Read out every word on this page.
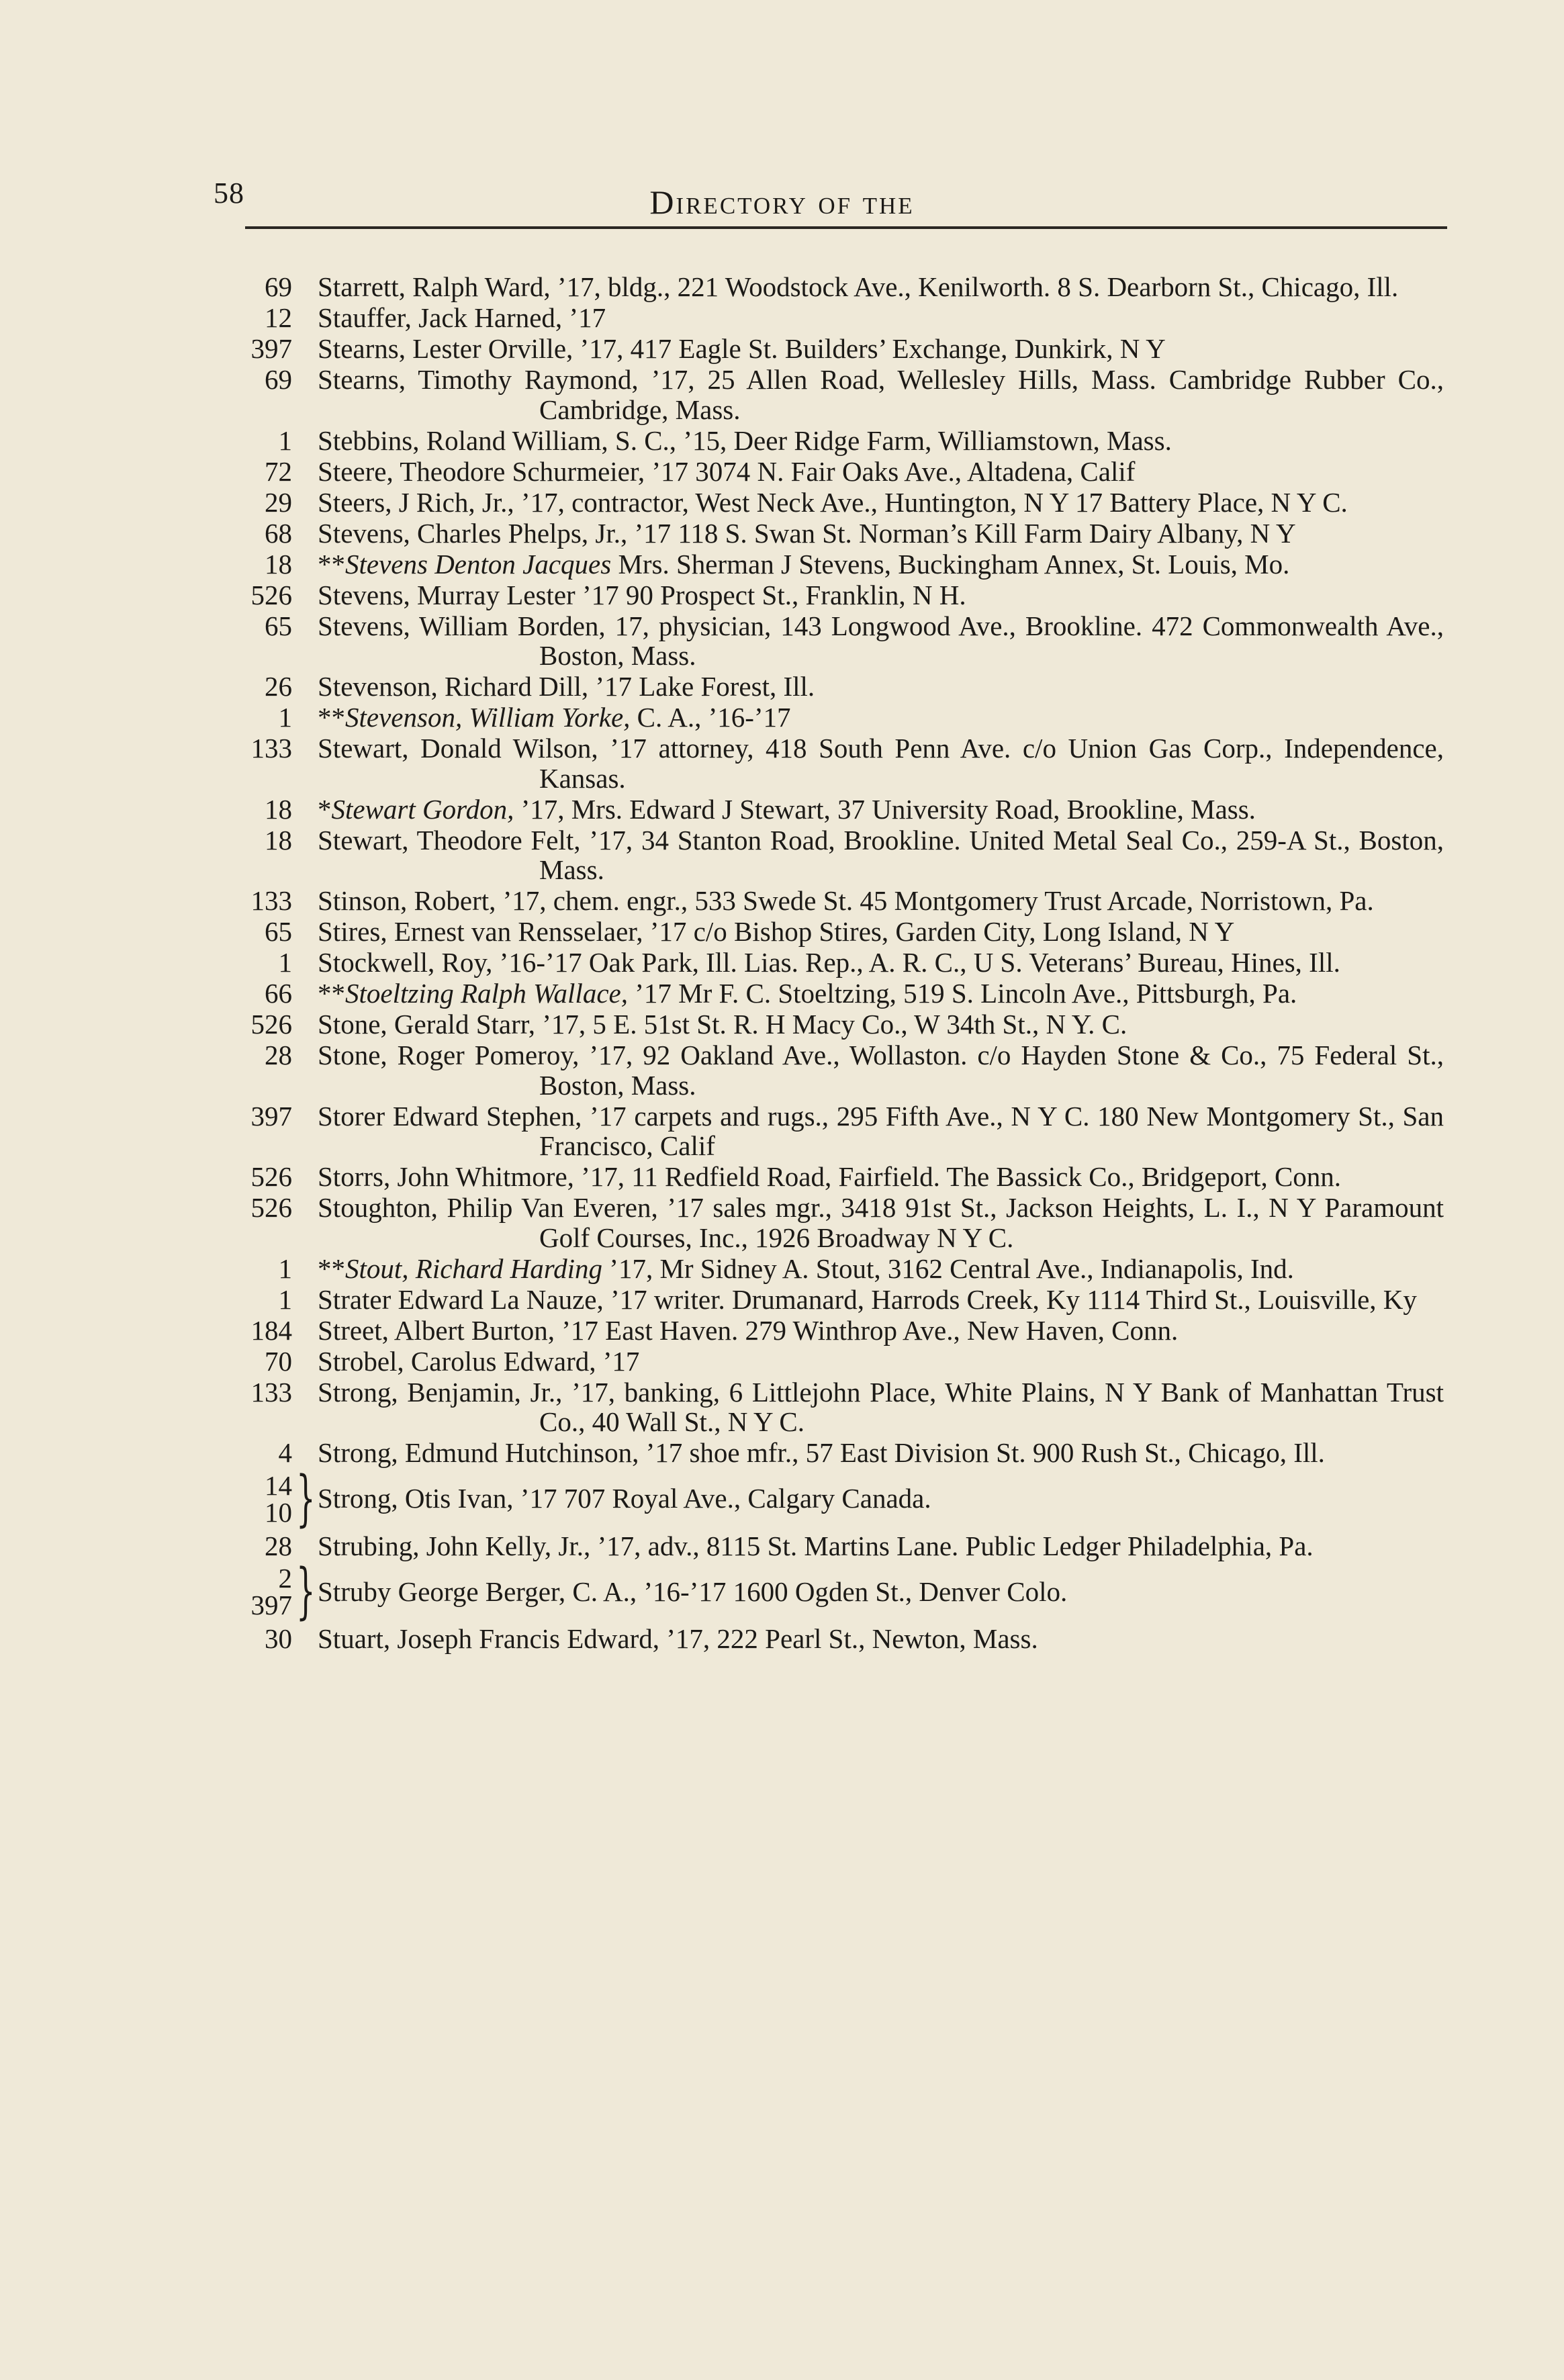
58	Directory of the
69 Starrett, Ralph Ward, ’17, bldg., 221 Woodstock Ave., Kenilworth. 8 S. Dearborn St., Chicago, Ill.
12 Stauffer, Jack Harned, ’17
397 Stearns, Lester Orville, ’17, 417 Eagle St. Builders’ Exchange, Dunkirk, N Y
69 Stearns, Timothy Raymond, ’17, 25 Allen Road, Wellesley Hills, Mass. Cambridge Rubber Co., Cambridge, Mass.
1 Stebbins, Roland William, S. C., ’15, Deer Ridge Farm, Williamstown, Mass.
72 Steere, Theodore Schurmeier, ’17 3074 N. Fair Oaks Ave., Altadena, Calif
29 Steers, J Rich, Jr., ’17, contractor, West Neck Ave., Huntington, N Y 17 Battery Place, N Y C.
68 Stevens, Charles Phelps, Jr., ’17 118 S. Swan St. Norman’s Kill Farm Dairy Albany, N Y
18 **Stevens Denton Jacques Mrs. Sherman J Stevens, Buckingham Annex, St. Louis, Mo.
526 Stevens, Murray Lester ’17 90 Prospect St., Franklin, N H.
65 Stevens, William Borden, 17, physician, 143 Longwood Ave., Brookline. 472 Commonwealth Ave., Boston, Mass.
26 Stevenson, Richard Dill, ’17 Lake Forest, Ill.
1 **Stevenson, William Yorke, C. A., ’16-’17
133 Stewart, Donald Wilson, ’17 attorney, 418 South Penn Ave. c/o Union Gas Corp., Independence, Kansas.
18 *Stewart Gordon, ’17, Mrs. Edward J Stewart, 37 University Road, Brookline, Mass.
18 Stewart, Theodore Felt, ’17, 34 Stanton Road, Brookline. United Metal Seal Co., 259-A St., Boston, Mass.
133 Stinson, Robert, ’17, chem. engr., 533 Swede St. 45 Montgomery Trust Arcade, Norristown, Pa.
65 Stires, Ernest van Rensselaer, ’17 c/o Bishop Stires, Garden City, Long Island, N Y
1 Stockwell, Roy, ’16-’17 Oak Park, Ill. Lias. Rep., A. R. C., U S. Veterans’ Bureau, Hines, Ill.
66 **Stoeltzing Ralph Wallace, ’17 Mr F. C. Stoeltzing, 519 S. Lincoln Ave., Pittsburgh, Pa.
526 Stone, Gerald Starr, ’17, 5 E. 51st St. R. H Macy Co., W 34th St., N Y. C.
28 Stone, Roger Pomeroy, ’17, 92 Oakland Ave., Wollaston. c/o Hayden Stone & Co., 75 Federal St., Boston, Mass.
397 Storer Edward Stephen, ’17 carpets and rugs., 295 Fifth Ave., N Y C. 180 New Montgomery St., San Francisco, Calif
526 Storrs, John Whitmore, ’17, 11 Redfield Road, Fairfield. The Bassick Co., Bridgeport, Conn.
526 Stoughton, Philip Van Everen, ’17 sales mgr., 3418 91st St., Jackson Heights, L. I., N Y Paramount Golf Courses, Inc., 1926 Broadway N Y C.
1 **Stout, Richard Harding ’17, Mr Sidney A. Stout, 3162 Central Ave., Indianapolis, Ind.
1 Strater Edward La Nauze, ’17 writer. Drumanard, Harrods Creek, Ky 1114 Third St., Louisville, Ky
184 Street, Albert Burton, ’17 East Haven. 279 Winthrop Ave., New Haven, Conn.
70 Strobel, Carolus Edward, ’17
133 Strong, Benjamin, Jr., ’17, banking, 6 Littlejohn Place, White Plains, N Y Bank of Manhattan Trust Co., 40 Wall St., N Y C.
4 Strong, Edmund Hutchinson, ’17 shoe mfr., 57 East Division St. 900 Rush St., Chicago, Ill.
14
10 } Strong, Otis Ivan, ’17 707 Royal Ave., Calgary Canada.
28 Strubing, John Kelly, Jr., ’17, adv., 8115 St. Martins Lane. Public Ledger Philadelphia, Pa.
2
397 } Struby George Berger, C. A., ’16-’17 1600 Ogden St., Denver Colo.
30 Stuart, Joseph Francis Edward, ’17, 222 Pearl St., Newton, Mass.
